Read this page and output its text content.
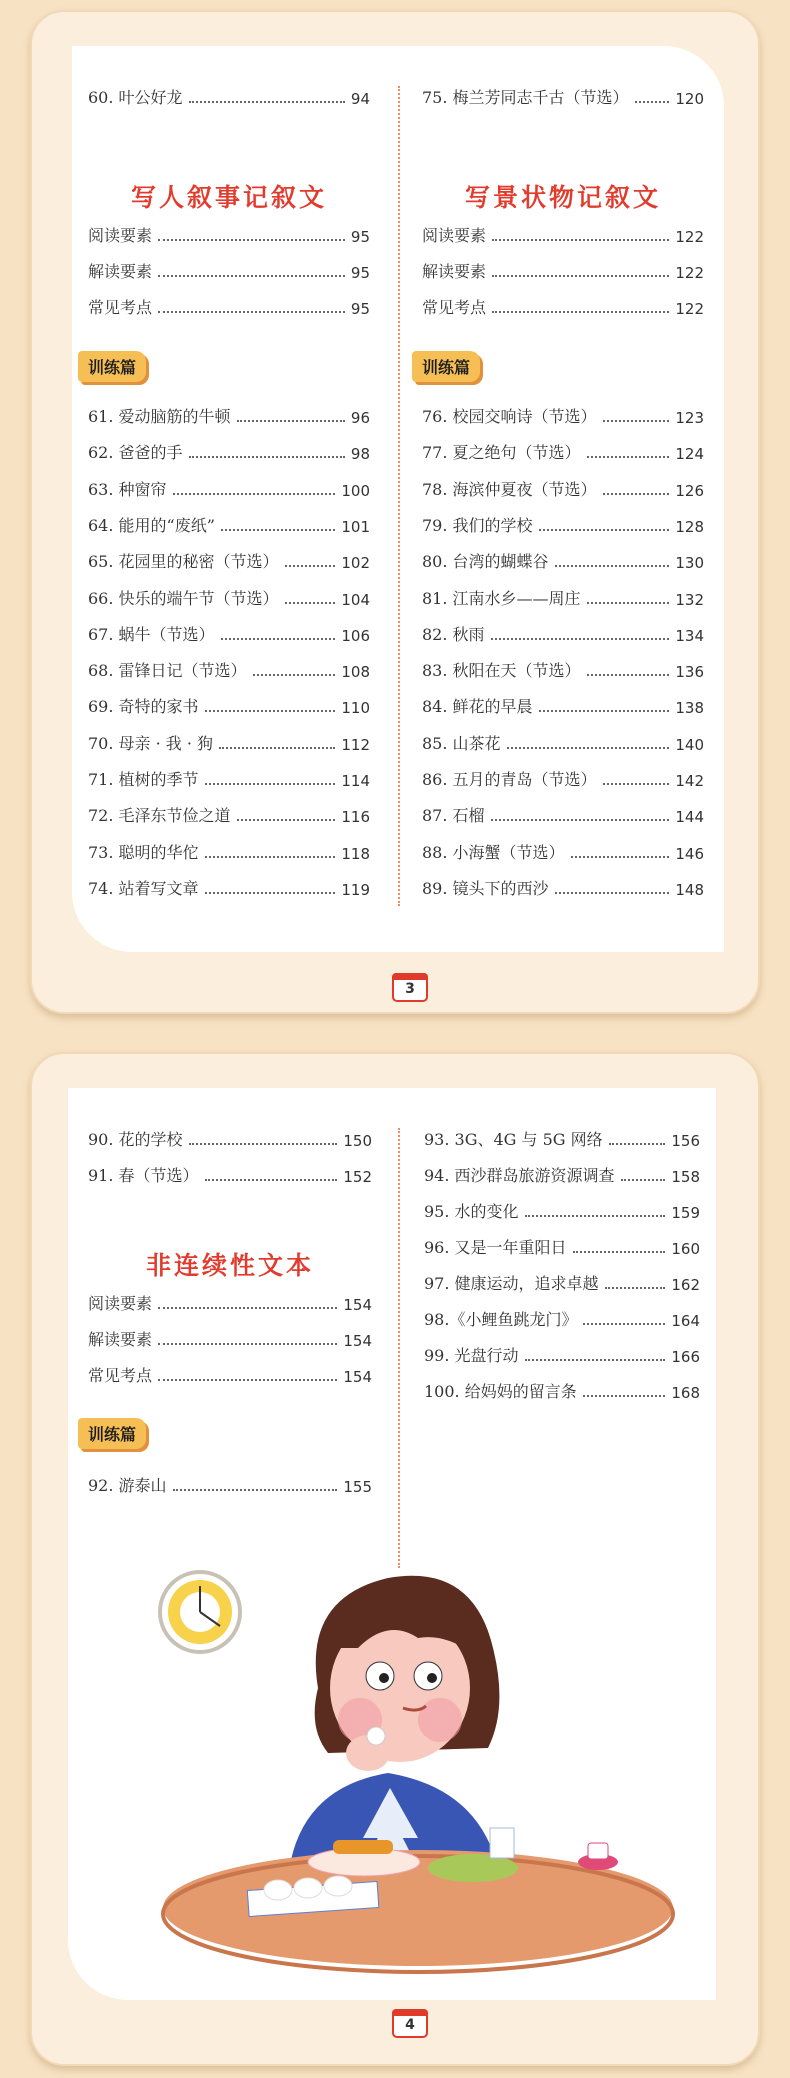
60. 叶公好龙	94
写人叙事记叙文
阅读要素	95
解读要素	95
常见考点	95
训练篇
61. 爱动脑筋的牛顿	96
62. 爸爸的手	98
63. 种窗帘	100
64. 能用的“废纸”	101
65. 花园里的秘密（节选）	102
66. 快乐的端午节（节选）	104
67. 蜗牛（节选）	106
68. 雷锋日记（节选）	108
69. 奇特的家书	110
70. 母亲 · 我 · 狗	112
71. 植树的季节	114
72. 毛泽东节俭之道	116
73. 聪明的华佗	118
74. 站着写文章	119
75. 梅兰芳同志千古（节选）	120
写景状物记叙文
阅读要素	122
解读要素	122
常见考点	122
训练篇
76. 校园交响诗（节选）	123
77. 夏之绝句（节选）	124
78. 海滨仲夏夜（节选）	126
79. 我们的学校	128
80. 台湾的蝴蝶谷	130
81. 江南水乡——周庄	132
82. 秋雨	134
83. 秋阳在天（节选）	136
84. 鲜花的早晨	138
85. 山茶花	140
86. 五月的青岛（节选）	142
87. 石榴	144
88. 小海蟹（节选）	146
89. 镜头下的西沙	148
3
90. 花的学校	150
91. 春（节选）	152
非连续性文本
阅读要素	154
解读要素	154
常见考点	154
训练篇
92. 游泰山	155
93. 3G、4G 与 5G 网络	156
94. 西沙群岛旅游资源调查	158
95. 水的变化	159
96. 又是一年重阳日	160
97. 健康运动，追求卓越	162
98.《小鲤鱼跳龙门》	164
99. 光盘行动	166
100. 给妈妈的留言条	168
4
